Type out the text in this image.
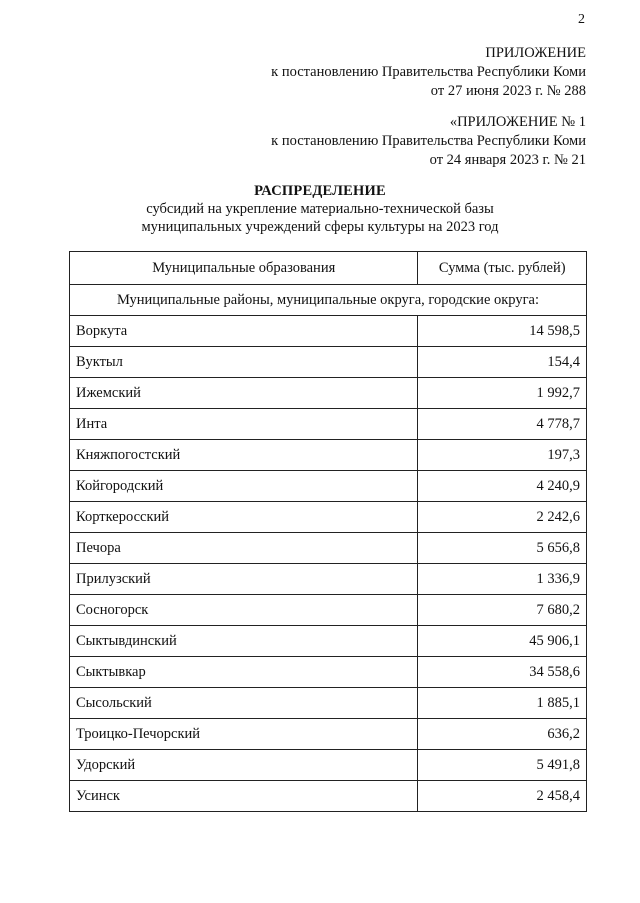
2
ПРИЛОЖЕНИЕ
к постановлению Правительства Республики Коми
от 27 июня 2023 г. № 288
«ПРИЛОЖЕНИЕ № 1
к постановлению Правительства Республики Коми
от 24 января 2023 г. № 21
РАСПРЕДЕЛЕНИЕ
субсидий на укрепление материально-технической базы
муниципальных учреждений сферы культуры на 2023 год
Муниципальные образования	Сумма (тыс. рублей)
Муниципальные районы, муниципальные округа, городские округа:	
Воркута	14 598,5
Вуктыл	154,4
Ижемский	1 992,7
Инта	4 778,7
Княжпогостский	197,3
Койгородский	4 240,9
Корткеросский	2 242,6
Печора	5 656,8
Прилузский	1 336,9
Сосногорск	7 680,2
Сыктывдинский	45 906,1
Сыктывкар	34 558,6
Сысольский	1 885,1
Троицко-Печорский	636,2
Удорский	5 491,8
Усинск	2 458,4
